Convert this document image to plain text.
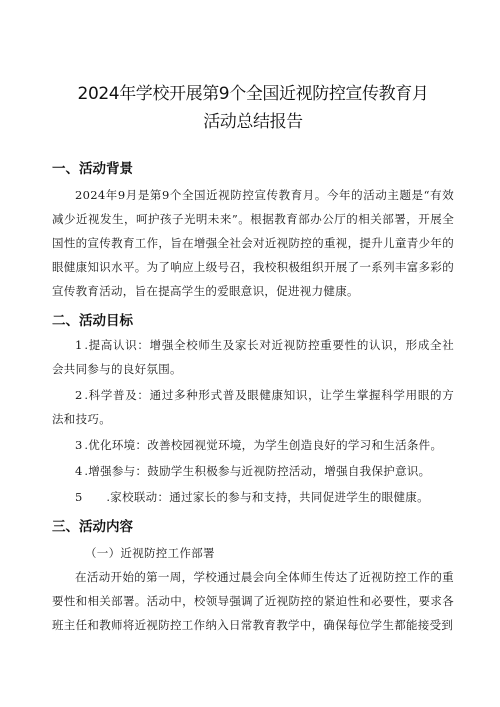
2024年学校开展第9个全国近视防控宣传教育月
活动总结报告
一、活动背景

2024年9月是第9个全国近视防控宣传教育月。今年的活动主题是“有效减少近视发生，呵护孩子光明未来”。根据教育部办公厅的相关部署，开展全国性的宣传教育工作，旨在增强全社会对近视防控的重视，提升儿童青少年的眼健康知识水平。为了响应上级号召，我校积极组织开展了一系列丰富多彩的宣传教育活动，旨在提高学生的爱眼意识，促进视力健康。

二、活动目标

1.提高认识：增强全校师生及家长对近视防控重要性的认识，形成全社会共同参与的良好氛围。

2.科学普及：通过多种形式普及眼健康知识，让学生掌握科学用眼的方法和技巧。

3.优化环境：改善校园视觉环境，为学生创造良好的学习和生活条件。

4.增强参与：鼓励学生积极参与近视防控活动，增强自我保护意识。

5 .家校联动：通过家长的参与和支持，共同促进学生的眼健康。

三、活动内容

（一）近视防控工作部署

在活动开始的第一周，学校通过晨会向全体师生传达了近视防控工作的重要性和相关部署。活动中，校领导强调了近视防控的紧迫性和必要性，要求各班主任和教师将近视防控工作纳入日常教育教学中，确保每位学生都能接受到
